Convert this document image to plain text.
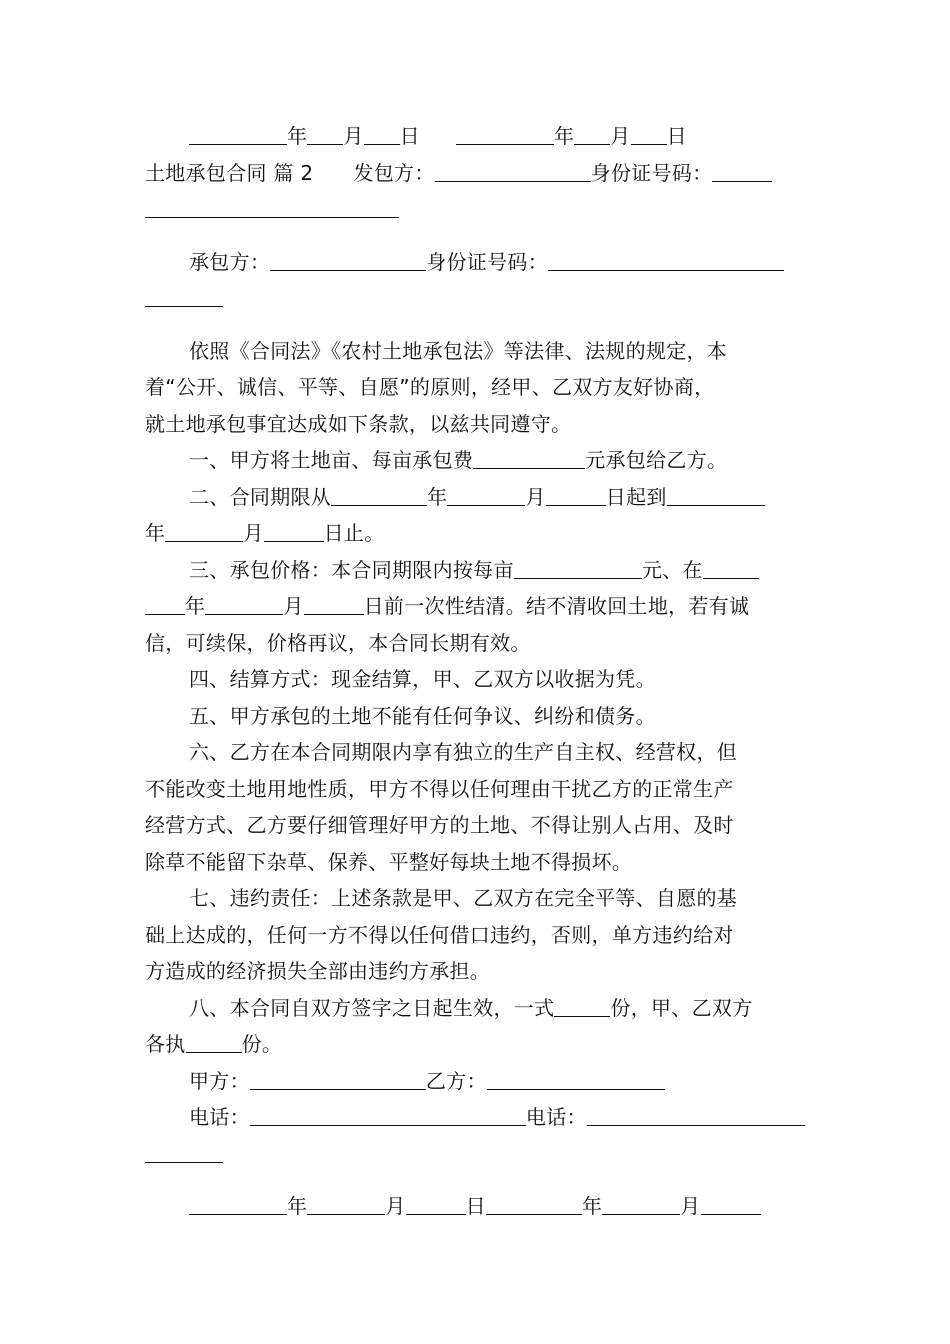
年 月 日	年 月 日
土地承包合同 篇 2 发包方：	身份证号码：
承包方：	身份证号码：
依照《合同法》《农村土地承包法》等法律、法规的规定，本
着“公开、诚信、平等、自愿”的原则，经甲、乙双方友好协商，
就土地承包事宜达成如下条款，以兹共同遵守。
一、甲方将土地亩、每亩承包费	元承包给乙方。
二、合同期限从	年	月	日起到
年	月	日止。
三、承包价格：本合同期限内按每亩	元、在
年	月	日前一次性结清。结不清收回土地，若有诚
信，可续保，价格再议，本合同长期有效。
四、结算方式：现金结算，甲、乙双方以收据为凭。
五、甲方承包的土地不能有任何争议、纠纷和债务。
六、乙方在本合同期限内享有独立的生产自主权、经营权，但
不能改变土地用地性质，甲方不得以任何理由干扰乙方的正常生产
经营方式、乙方要仔细管理好甲方的土地、不得让别人占用、及时
除草不能留下杂草、保养、平整好每块土地不得损坏。
七、违约责任：上述条款是甲、乙双方在完全平等、自愿的基
础上达成的，任何一方不得以任何借口违约，否则，单方违约给对
方造成的经济损失全部由违约方承担。
八、本合同自双方签字之日起生效，一式	份，甲、乙双方
各执	份。
甲方：	乙方：
电话：	电话：
年	月	日	年	月
